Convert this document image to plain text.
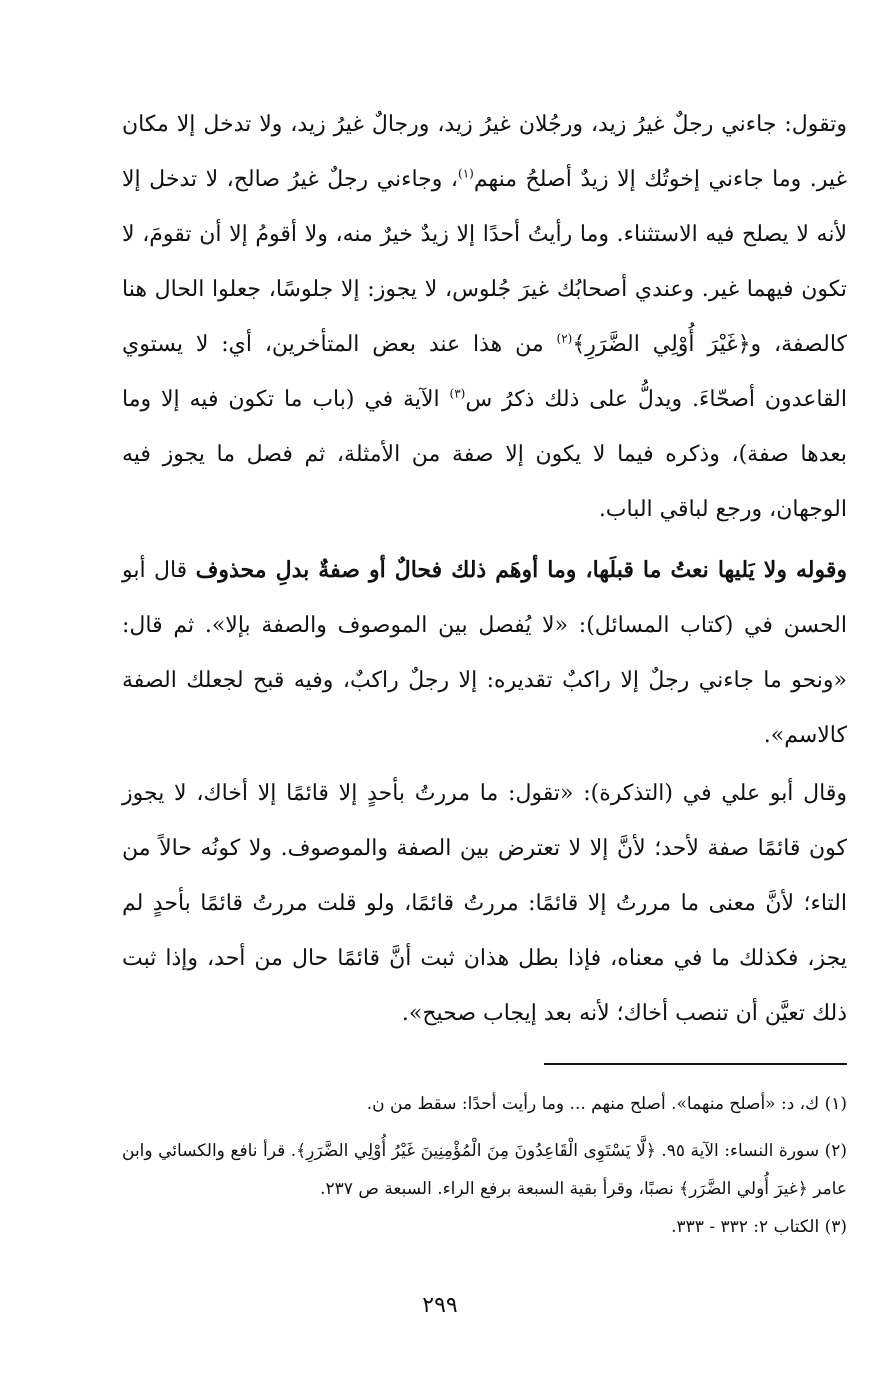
وتقول: جاءني رجلٌ غيرُ زيد، ورجُلان غيرُ زيد، ورجالٌ غيرُ زيد، ولا تدخل إلا مكان غير. وما جاءني إخوتُك إلا زيدٌ أصلحُ منهم$^{(١)}$، وجاءني رجلٌ غيرُ صالح، لا تدخل إلا لأنه لا يصلح فيه الاستثناء. وما رأيتُ أحدًا إلا زيدٌ خيرٌ منه، ولا أقومُ إلا أن تقومَ، لا تكون فيهما غير. وعندي أصحابُك غيرَ جُلوس، لا يجوز: إلا جلوسًا، جعلوا الحال هنا كالصفة، و﴿غَيْرَ أُوْلِي الضَّرَرِ﴾$^{(٢)}$ من هذا عند بعض المتأخرين، أي: لا يستوي القاعدون أصحّاءَ. ويدلُّ على ذلك ذكرُ س$^{(٣)}$ الآية في (باب ما تكون فيه إلا وما بعدها صفة)، وذكره فيما لا يكون إلا صفة من الأمثلة، ثم فصل ما يجوز فيه الوجهان، ورجع لباقي الباب.

وقوله ولا يَليها نعتُ ما قبلَها، وما أوهَم ذلك فحالٌ أو صفةٌ بدلِ محذوف قال أبو الحسن في (كتاب المسائل): «لا يُفصل بين الموصوف والصفة بإلا». ثم قال: «ونحو ما جاءني رجلٌ إلا راكبٌ تقديره: إلا رجلٌ راكبٌ، وفيه قبح لجعلك الصفة كالاسم».

وقال أبو علي في (التذكرة): «تقول: ما مررتُ بأحدٍ إلا قائمًا إلا أخاك، لا يجوز كون قائمًا صفة لأحد؛ لأنَّ إلا لا تعترض بين الصفة والموصوف. ولا كونُه حالاً من التاء؛ لأنَّ معنى ما مررتُ إلا قائمًا: مررتُ قائمًا، ولو قلت مررتُ قائمًا بأحدٍ لم يجز، فكذلك ما في معناه، فإذا بطل هذان ثبت أنَّ قائمًا حال من أحد، وإذا ثبت ذلك تعيَّن أن تنصب أخاك؛ لأنه بعد إيجاب صحيح».

(١) ك، د: «أصلح منهما». أصلح منهم ... وما رأيت أحدًا: سقط من ن.

(٢) سورة النساء: الآية ٩٥. ﴿لَّا يَسْتَوِى الْقَاعِدُونَ مِنَ الْمُؤْمِنِينَ غَيْرُ أُوْلِي الضَّرَرِ﴾. قرأ نافع والكسائي وابن عامر ﴿غيرَ أُولي الضَّرَر﴾ نصبًا، وقرأ بقية السبعة برفع الراء. السبعة ص ٢٣٧.

(٣) الكتاب ٢: ٣٣٢ - ٣٣٣.

٢٩٩
